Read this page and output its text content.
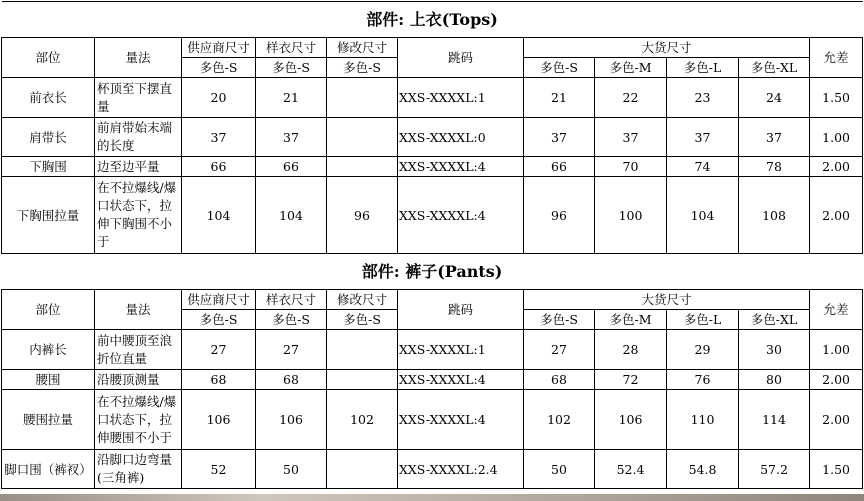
部件: 上衣(Tops)										
部位	量法	供应商尺寸	样衣尺寸	修改尺寸	跳码	大货尺寸				允差
		多色-S	多色-S	多色-S		多色-S	多色-M	多色-L	多色-XL	
前衣长	杯顶至下摆直量	20	21		XXS-XXXXL:1	21	22	23	24	1.50
肩带长	前肩带始末端的长度	37	37		XXS-XXXXL:0	37	37	37	37	1.00
下胸围	边至边平量	66	66		XXS-XXXXL:4	66	70	74	78	2.00
下胸围拉量	在不拉爆线/爆口状态下，拉伸下胸围不小于	104	104	96	XXS-XXXXL:4	96	100	104	108	2.00
部件: 裤子(Pants)										
部位	量法	供应商尺寸	样衣尺寸	修改尺寸	跳码	大货尺寸				允差
		多色-S	多色-S	多色-S		多色-S	多色-M	多色-L	多色-XL	
内裤长	前中腰顶至浪折位直量	27	27		XXS-XXXXL:1	27	28	29	30	1.00
腰围	沿腰顶测量	68	68		XXS-XXXXL:4	68	72	76	80	2.00
腰围拉量	在不拉爆线/爆口状态下，拉伸腰围不小于	106	106	102	XXS-XXXXL:4	102	106	110	114	2.00
脚口围（裤衩）	沿脚口边弯量(三角裤)	52	50		XXS-XXXXL:2.4	50	52.4	54.8	57.2	1.50
